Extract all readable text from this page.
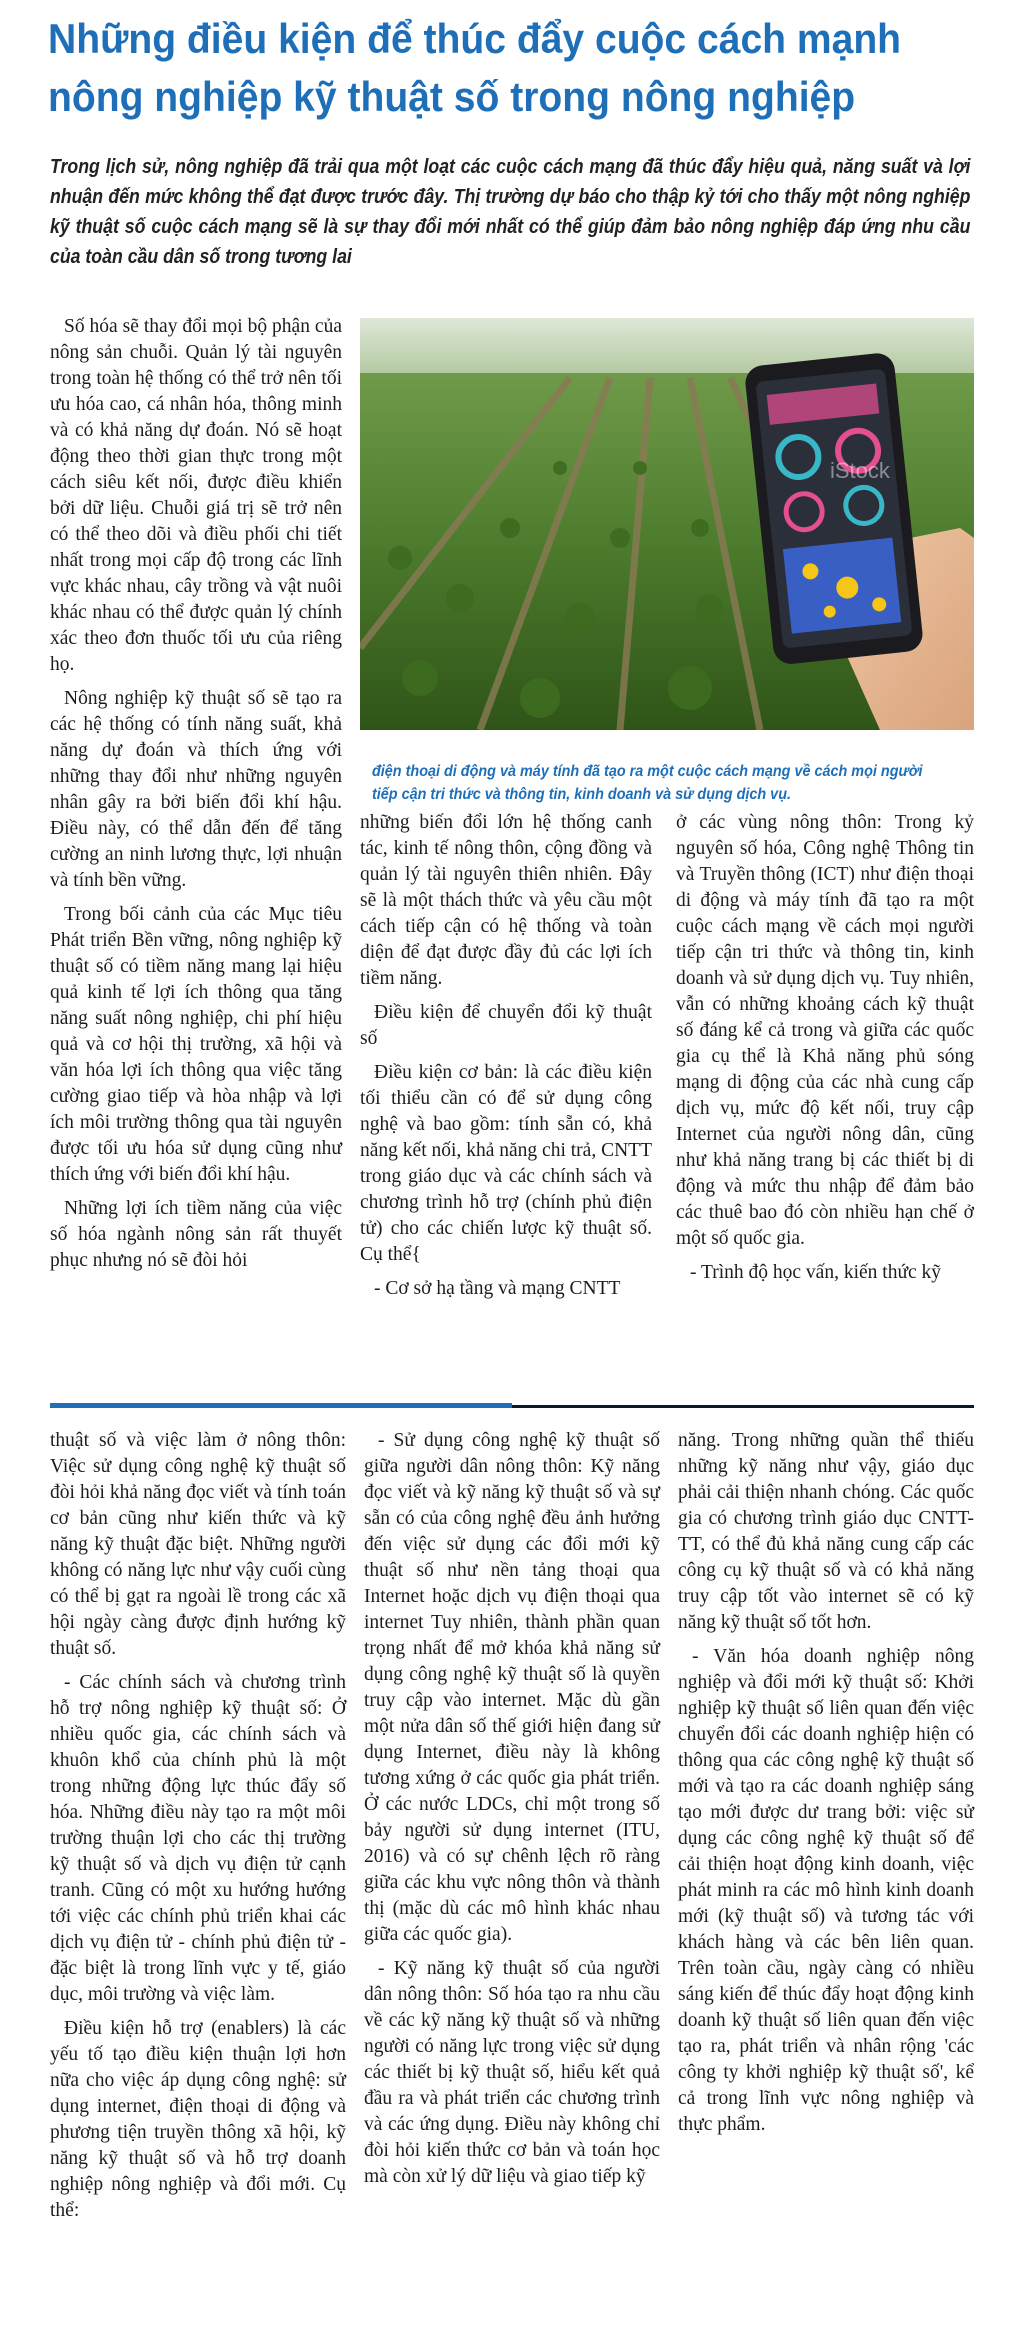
Những điều kiện để thúc đẩy cuộc cách mạnh
nông nghiệp kỹ thuật số trong nông nghiệp

Trong lịch sử, nông nghiệp đã trải qua một loạt các cuộc cách mạng đã thúc đẩy hiệu quả, năng suất và lợi nhuận đến mức không thể đạt được trước đây. Thị trường dự báo cho thập kỷ tới cho thấy một nông nghiệp kỹ thuật số cuộc cách mạng sẽ là sự thay đổi mới nhất có thể giúp đảm bảo nông nghiệp đáp ứng nhu cầu của toàn cầu dân số trong tương lai

Số hóa sẽ thay đổi mọi bộ phận của nông sản chuỗi. Quản lý tài nguyên trong toàn hệ thống có thể trở nên tối ưu hóa cao, cá nhân hóa, thông minh và có khả năng dự đoán. Nó sẽ hoạt động theo thời gian thực trong một cách siêu kết nối, được điều khiển bởi dữ liệu. Chuỗi giá trị sẽ trở nên có thể theo dõi và điều phối chi tiết nhất trong mọi cấp độ trong các lĩnh vực khác nhau, cây trồng và vật nuôi khác nhau có thể được quản lý chính xác theo đơn thuốc tối ưu của riêng họ.

Nông nghiệp kỹ thuật số sẽ tạo ra các hệ thống có tính năng suất, khả năng dự đoán và thích ứng với những thay đổi như những nguyên nhân gây ra bởi biến đổi khí hậu. Điều này, có thể dẫn đến để tăng cường an ninh lương thực, lợi nhuận và tính bền vững.

Trong bối cảnh của các Mục tiêu Phát triển Bền vững, nông nghiệp kỹ thuật số có tiềm năng mang lại hiệu quả kinh tế lợi ích thông qua tăng năng suất nông nghiệp, chi phí hiệu quả và cơ hội thị trường, xã hội và văn hóa lợi ích thông qua việc tăng cường giao tiếp và hòa nhập và lợi ích môi trường thông qua tài nguyên được tối ưu hóa sử dụng cũng như thích ứng với biến đổi khí hậu.

Những lợi ích tiềm năng của việc số hóa ngành nông sản rất thuyết phục nhưng nó sẽ đòi hỏi

iStock

điện thoại di động và máy tính đã tạo ra một cuộc cách mạng về cách mọi người tiếp cận tri thức và thông tin, kinh doanh và sử dụng dịch vụ.

những biến đổi lớn hệ thống canh tác, kinh tế nông thôn, cộng đồng và quản lý tài nguyên thiên nhiên. Đây sẽ là một thách thức và yêu cầu một cách tiếp cận có hệ thống và toàn diện để đạt được đầy đủ các lợi ích tiềm năng.

Điều kiện để chuyển đổi kỹ thuật số

Điều kiện cơ bản: là các điều kiện tối thiểu cần có để sử dụng công nghệ và bao gồm: tính sẵn có, khả năng kết nối, khả năng chi trả, CNTT trong giáo dục và các chính sách và chương trình hỗ trợ (chính phủ điện tử) cho các chiến lược kỹ thuật số. Cụ thể{

- Cơ sở hạ tầng và mạng CNTT

ở các vùng nông thôn: Trong kỷ nguyên số hóa, Công nghệ Thông tin và Truyền thông (ICT) như điện thoại di động và máy tính đã tạo ra một cuộc cách mạng về cách mọi người tiếp cận tri thức và thông tin, kinh doanh và sử dụng dịch vụ. Tuy nhiên, vẫn có những khoảng cách kỹ thuật số đáng kể cả trong và giữa các quốc gia cụ thể là Khả năng phủ sóng mạng di động của các nhà cung cấp dịch vụ, mức độ kết nối, truy cập Internet của người nông dân, cũng như khả năng trang bị các thiết bị di động và mức thu nhập để đảm bảo các thuê bao đó còn nhiều hạn chế ở một số quốc gia.

- Trình độ học vấn, kiến thức kỹ

thuật số và việc làm ở nông thôn: Việc sử dụng công nghệ kỹ thuật số đòi hỏi khả năng đọc viết và tính toán cơ bản cũng như kiến thức và kỹ năng kỹ thuật đặc biệt. Những người không có năng lực như vậy cuối cùng có thể bị gạt ra ngoài lề trong các xã hội ngày càng được định hướng kỹ thuật số.

- Các chính sách và chương trình hỗ trợ nông nghiệp kỹ thuật số: Ở nhiều quốc gia, các chính sách và khuôn khổ của chính phủ là một trong những động lực thúc đẩy số hóa. Những điều này tạo ra một môi trường thuận lợi cho các thị trường kỹ thuật số và dịch vụ điện tử cạnh tranh. Cũng có một xu hướng hướng tới việc các chính phủ triển khai các dịch vụ điện tử - chính phủ điện tử - đặc biệt là trong lĩnh vực y tế, giáo dục, môi trường và việc làm.

Điều kiện hỗ trợ (enablers) là các yếu tố tạo điều kiện thuận lợi hơn nữa cho việc áp dụng công nghệ: sử dụng internet, điện thoại di động và phương tiện truyền thông xã hội, kỹ năng kỹ thuật số và hỗ trợ doanh nghiệp nông nghiệp và đổi mới. Cụ thể:

- Sử dụng công nghệ kỹ thuật số giữa người dân nông thôn: Kỹ năng đọc viết và kỹ năng kỹ thuật số và sự sẵn có của công nghệ đều ảnh hưởng đến việc sử dụng các đổi mới kỹ thuật số như nền tảng thoại qua Internet hoặc dịch vụ điện thoại qua internet Tuy nhiên, thành phần quan trọng nhất để mở khóa khả năng sử dụng công nghệ kỹ thuật số là quyền truy cập vào internet. Mặc dù gần một nửa dân số thế giới hiện đang sử dụng Internet, điều này là không tương xứng ở các quốc gia phát triển. Ở các nước LDCs, chỉ một trong số bảy người sử dụng internet (ITU, 2016) và có sự chênh lệch rõ ràng giữa các khu vực nông thôn và thành thị (mặc dù các mô hình khác nhau giữa các quốc gia).

- Kỹ năng kỹ thuật số của người dân nông thôn: Số hóa tạo ra nhu cầu về các kỹ năng kỹ thuật số và những người có năng lực trong việc sử dụng các thiết bị kỹ thuật số, hiểu kết quả đầu ra và phát triển các chương trình và các ứng dụng. Điều này không chỉ đòi hỏi kiến thức cơ bản và toán học mà còn xử lý dữ liệu và giao tiếp kỹ

năng. Trong những quần thể thiếu những kỹ năng như vậy, giáo dục phải cải thiện nhanh chóng. Các quốc gia có chương trình giáo dục CNTT-TT, có thể đủ khả năng cung cấp các công cụ kỹ thuật số và có khả năng truy cập tốt vào internet sẽ có kỹ năng kỹ thuật số tốt hơn.

- Văn hóa doanh nghiệp nông nghiệp và đổi mới kỹ thuật số: Khởi nghiệp kỹ thuật số liên quan đến việc chuyển đổi các doanh nghiệp hiện có thông qua các công nghệ kỹ thuật số mới và tạo ra các doanh nghiệp sáng tạo mới được dư trang bởi: việc sử dụng các công nghệ kỹ thuật số để cải thiện hoạt động kinh doanh, việc phát minh ra các mô hình kinh doanh mới (kỹ thuật số) và tương tác với khách hàng và các bên liên quan. Trên toàn cầu, ngày càng có nhiều sáng kiến để thúc đẩy hoạt động kinh doanh kỹ thuật số liên quan đến việc tạo ra, phát triển và nhân rộng 'các công ty khởi nghiệp kỹ thuật số', kể cả trong lĩnh vực nông nghiệp và thực phẩm.
